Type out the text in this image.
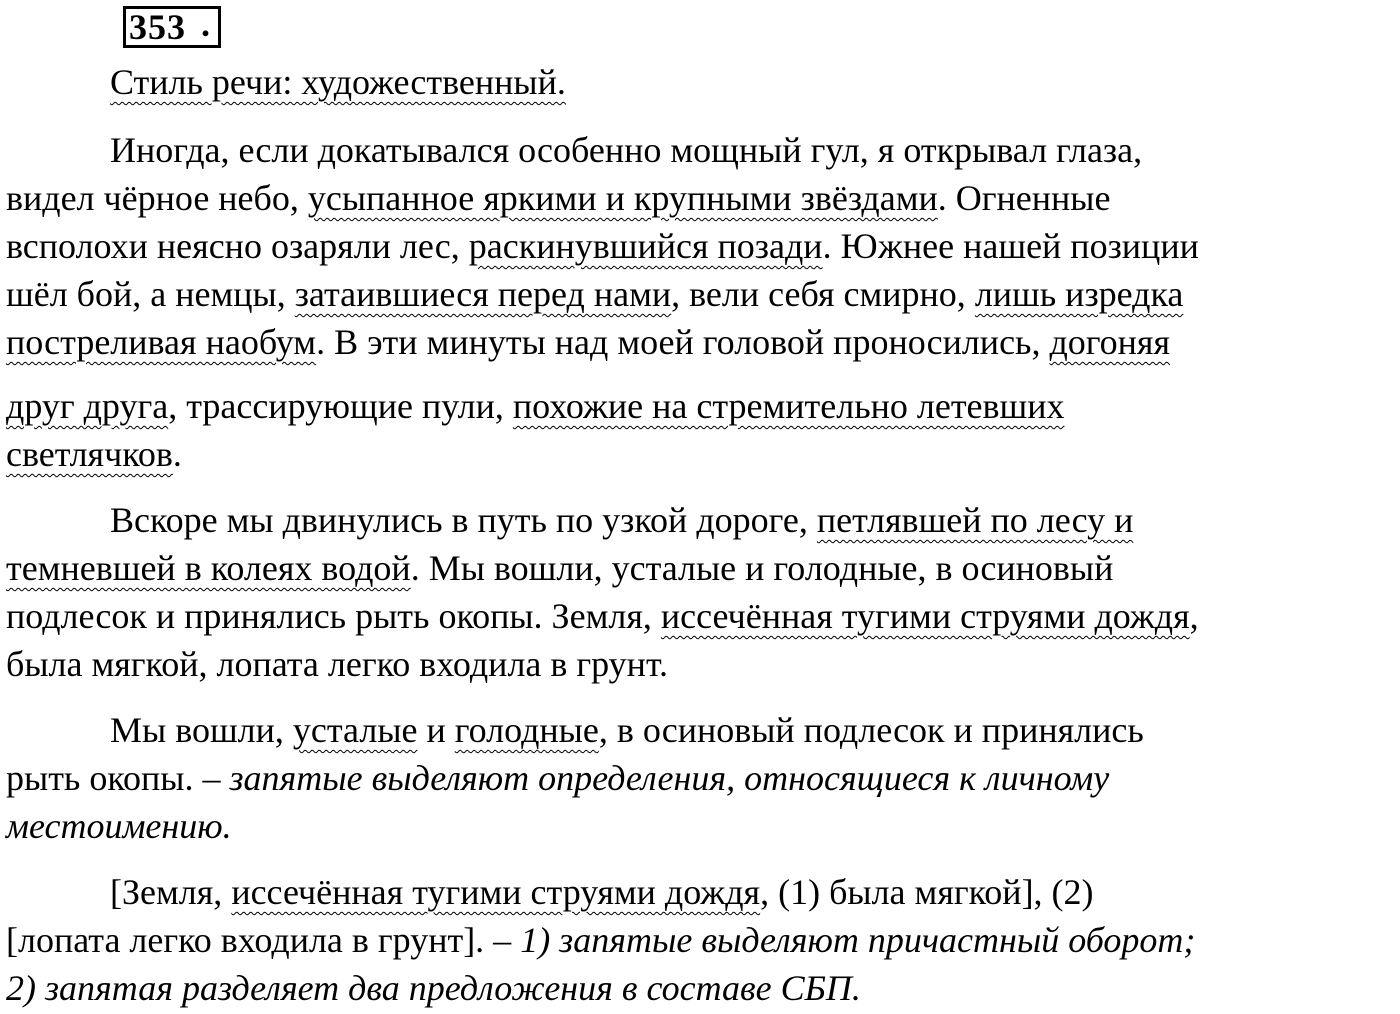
353 .
Стиль речи: художественный.
Иногда, если докатывался особенно мощный гул, я открывал глаза,
видел чёрное небо, усыпанное яркими и крупными звёздами. Огненные
всполохи неясно озаряли лес, раскинувшийся позади. Южнее нашей позиции
шёл бой, а немцы, затаившиеся перед нами, вели себя смирно, лишь изредка
постреливая наобум. В эти минуты над моей головой проносились, догоняя
друг друга, трассирующие пули, похожие на стремительно летевших
светлячков.
Вскоре мы двинулись в путь по узкой дороге, петлявшей по лесу и
темневшей в колеях водой. Мы вошли, усталые и голодные, в осиновый
подлесок и принялись рыть окопы. Земля, иссечённая тугими струями дождя,
была мягкой, лопата легко входила в грунт.
Мы вошли, усталые и голодные, в осиновый подлесок и принялись
рыть окопы. – запятые выделяют определения, относящиеся к личному
местоимению.
[Земля, иссечённая тугими струями дождя, (1) была мягкой], (2)
[лопата легко входила в грунт]. – 1) запятые выделяют причастный оборот;
2) запятая разделяет два предложения в составе СБП.
